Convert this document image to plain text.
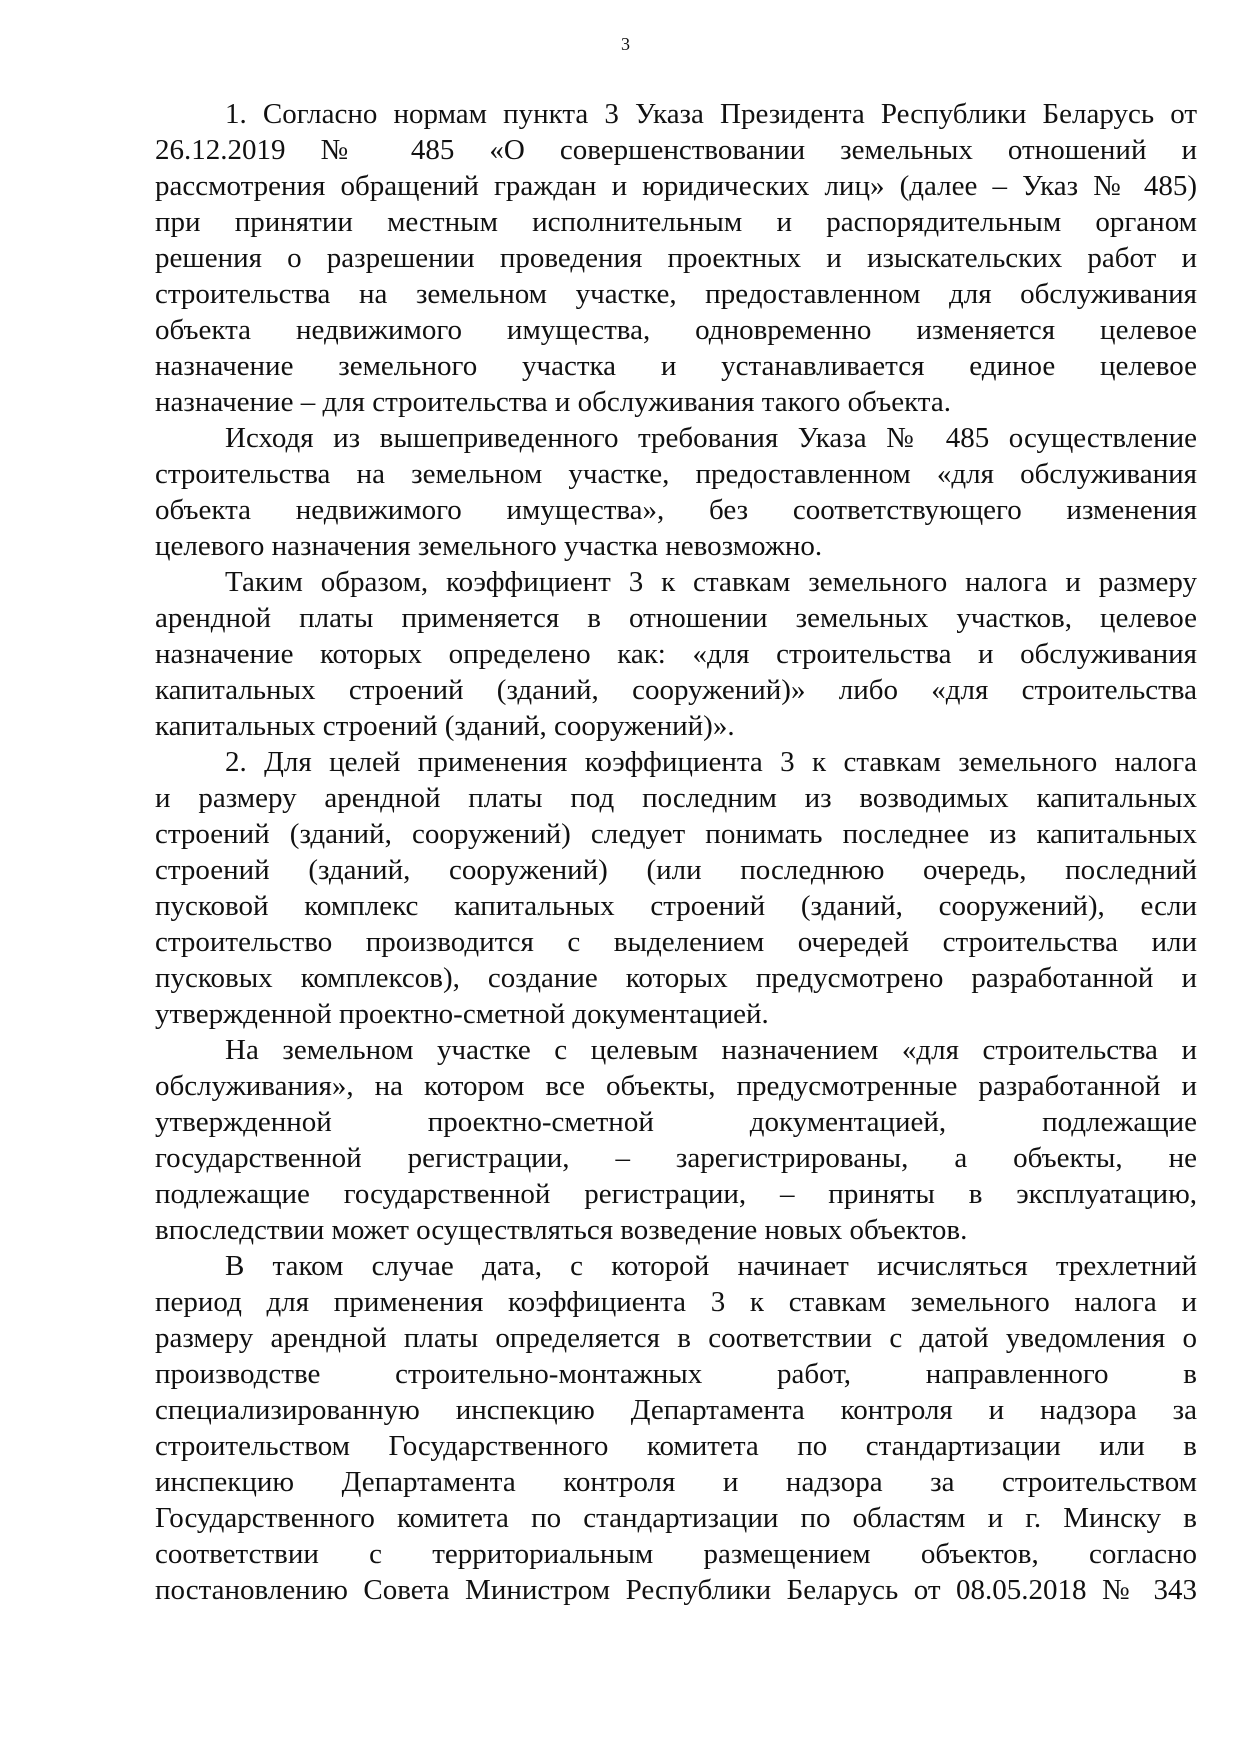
3
1. Согласно нормам пункта 3 Указа Президента Республики Беларусь от
26.12.2019 № 485 «О совершенствовании земельных отношений и
рассмотрения обращений граждан и юридических лиц» (далее – Указ № 485)
при принятии местным исполнительным и распорядительным органом
решения о разрешении проведения проектных и изыскательских работ и
строительства на земельном участке, предоставленном для обслуживания
объекта недвижимого имущества, одновременно изменяется целевое
назначение земельного участка и устанавливается единое целевое
назначение – для строительства и обслуживания такого объекта.
Исходя из вышеприведенного требования Указа № 485 осуществление
строительства на земельном участке, предоставленном «для обслуживания
объекта недвижимого имущества», без соответствующего изменения
целевого назначения земельного участка невозможно.
Таким образом, коэффициент 3 к ставкам земельного налога и размеру
арендной платы применяется в отношении земельных участков, целевое
назначение которых определено как: «для строительства и обслуживания
капитальных строений (зданий, сооружений)» либо «для строительства
капитальных строений (зданий, сооружений)».
2. Для целей применения коэффициента 3 к ставкам земельного налога
и размеру арендной платы под последним из возводимых капитальных
строений (зданий, сооружений) следует понимать последнее из капитальных
строений (зданий, сооружений) (или последнюю очередь, последний
пусковой комплекс капитальных строений (зданий, сооружений), если
строительство производится с выделением очередей строительства или
пусковых комплексов), создание которых предусмотрено разработанной и
утвержденной проектно-сметной документацией.
На земельном участке с целевым назначением «для строительства и
обслуживания», на котором все объекты, предусмотренные разработанной и
утвержденной проектно-сметной документацией, подлежащие
государственной регистрации, – зарегистрированы, а объекты, не
подлежащие государственной регистрации, – приняты в эксплуатацию,
впоследствии может осуществляться возведение новых объектов.
В таком случае дата, с которой начинает исчисляться трехлетний
период для применения коэффициента 3 к ставкам земельного налога и
размеру арендной платы определяется в соответствии с датой уведомления о
производстве строительно-монтажных работ, направленного в
специализированную инспекцию Департамента контроля и надзора за
строительством Государственного комитета по стандартизации или в
инспекцию Департамента контроля и надзора за строительством
Государственного комитета по стандартизации по областям и г. Минску в
соответствии с территориальным размещением объектов, согласно
постановлению Совета Министром Республики Беларусь от 08.05.2018 № 343
